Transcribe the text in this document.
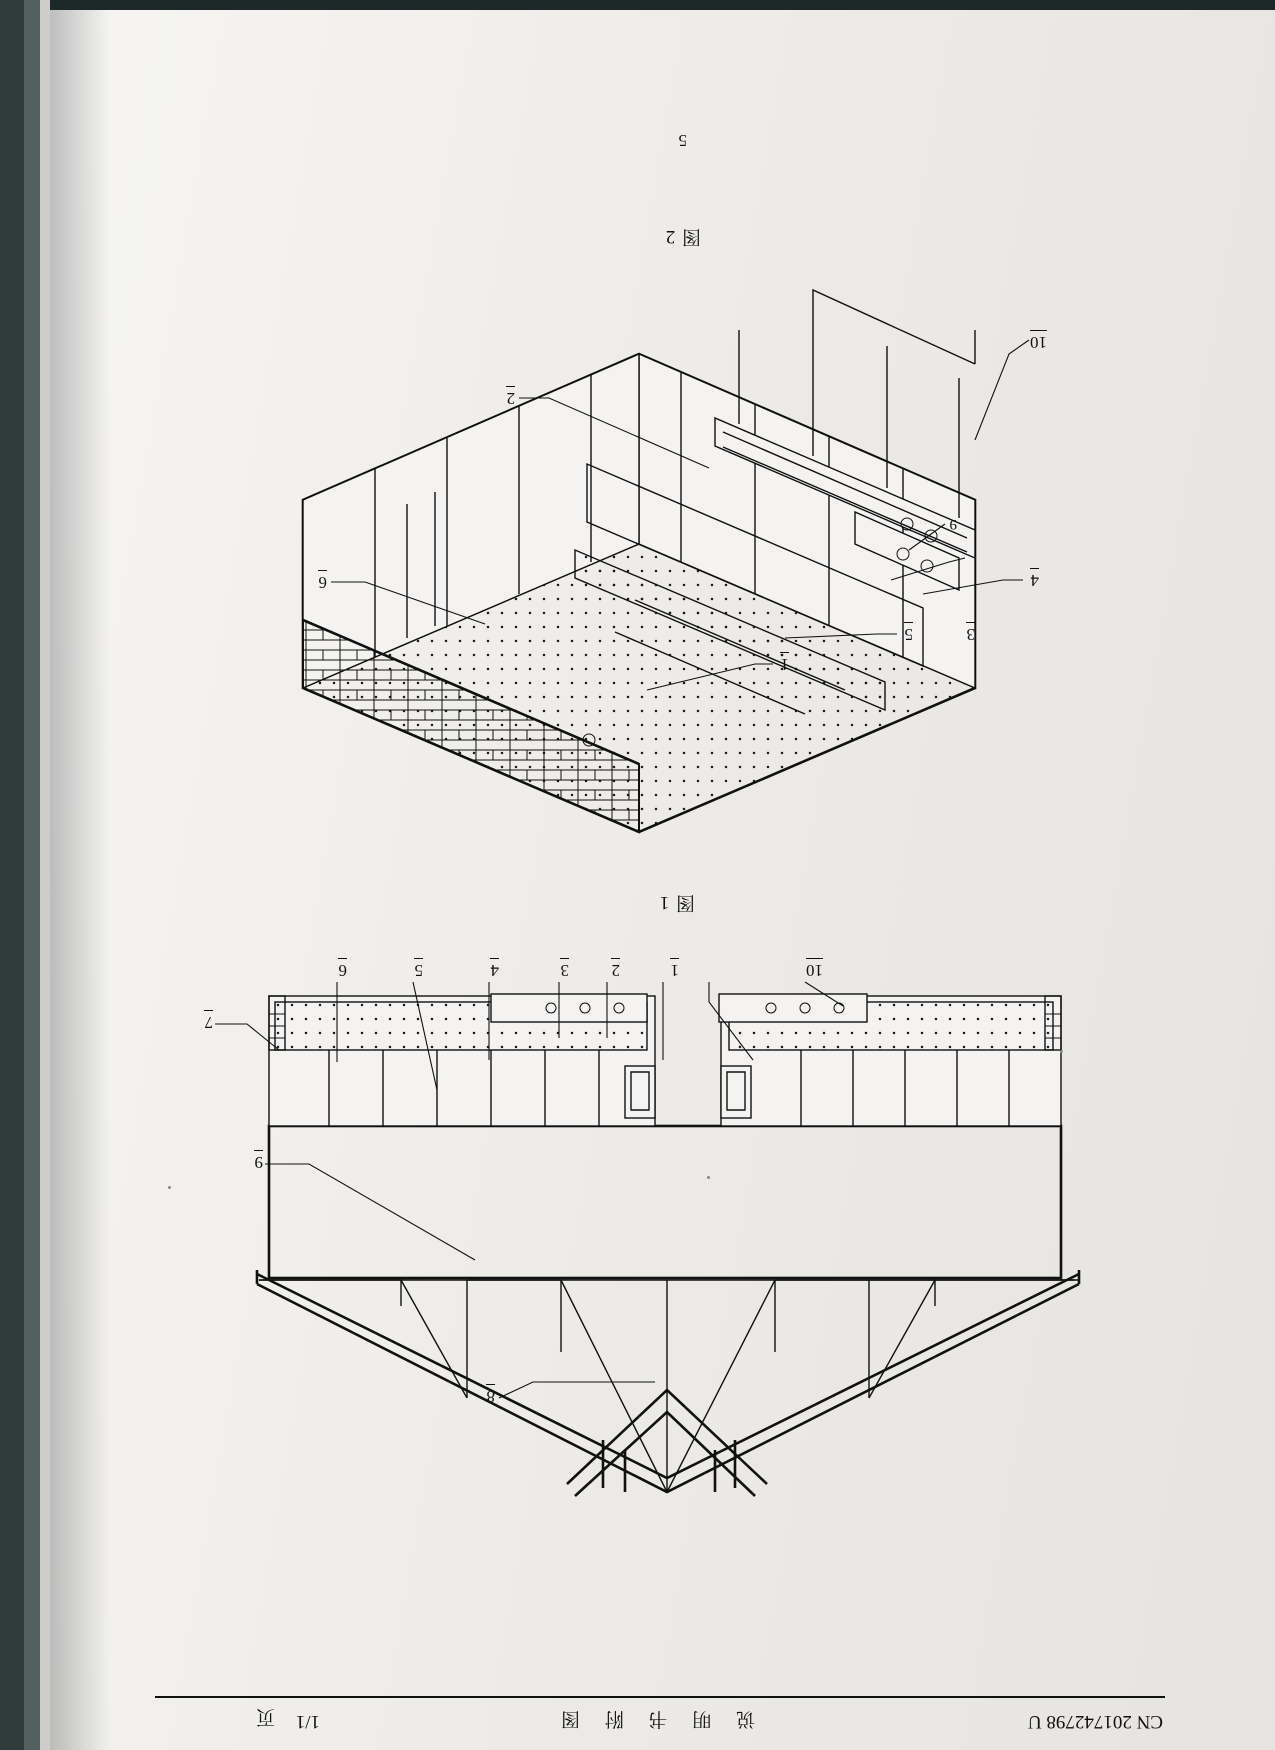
CN 201742798 U
说 明 书 附 图
1/1
页
10
1
2
3
4
5
6
7
9
8
图 1
1
5	3
4
9
6
2
10
图 2
5
